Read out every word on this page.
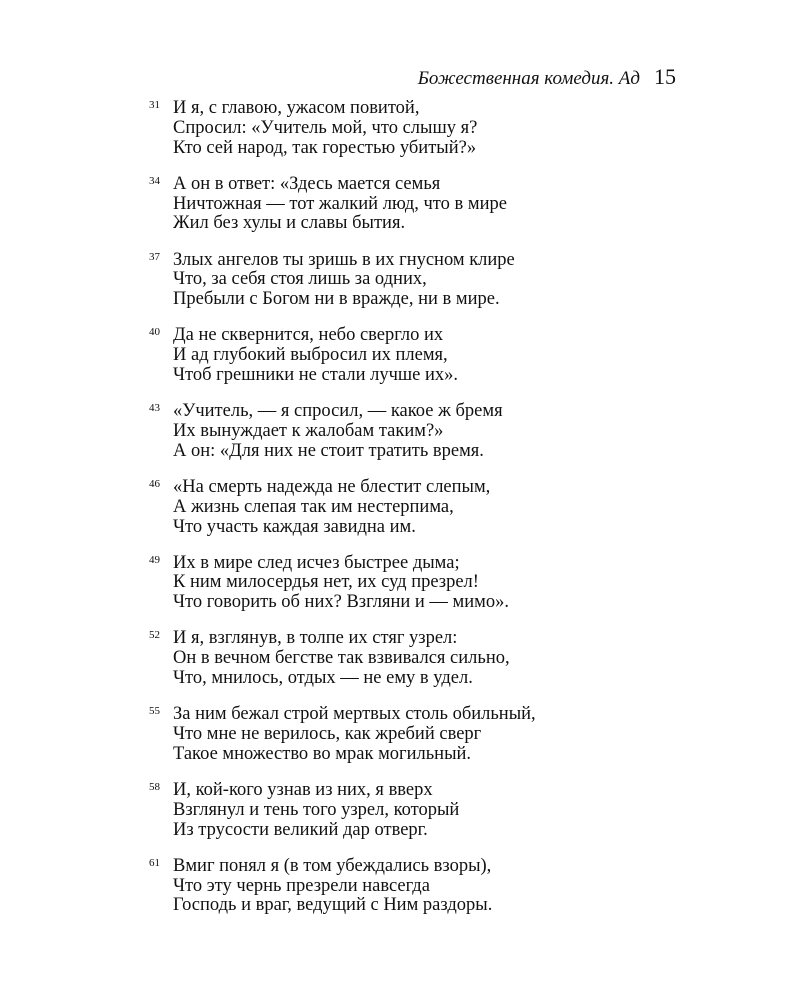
Божественная комедия. Ад 15
31 И я, с главою, ужасом повитой,
Спросил: «Учитель мой, что слышу я?
Кто сей народ, так горестью убитый?»
34 А он в ответ: «Здесь мается семья
Ничтожная — тот жалкий люд, что в мире
Жил без хулы и славы бытия.
37 Злых ангелов ты зришь в их гнусном клире
Что, за себя стоя лишь за одних,
Пребыли с Богом ни в вражде, ни в мире.
40 Да не сквернится, небо свергло их
И ад глубокий выбросил их племя,
Чтоб грешники не стали лучше их».
43 «Учитель, — я спросил, — какое ж бремя
Их вынуждает к жалобам таким?»
А он: «Для них не стоит тратить время.
46 «На смерть надежда не блестит слепым,
А жизнь слепая так им нестерпима,
Что участь каждая завидна им.
49 Их в мире след исчез быстрее дыма;
К ним милосердья нет, их суд презрел!
Что говорить об них? Взгляни и — мимо».
52 И я, взглянув, в толпе их стяг узрел:
Он в вечном бегстве так взвивался сильно,
Что, мнилось, отдых — не ему в удел.
55 За ним бежал строй мертвых столь обильный,
Что мне не верилось, как жребий сверг
Такое множество во мрак могильный.
58 И, кой-кого узнав из них, я вверх
Взглянул и тень того узрел, который
Из трусости великий дар отверг.
61 Вмиг понял я (в том убеждались взоры),
Что эту чернь презрели навсегда
Господь и враг, ведущий с Ним раздоры.
